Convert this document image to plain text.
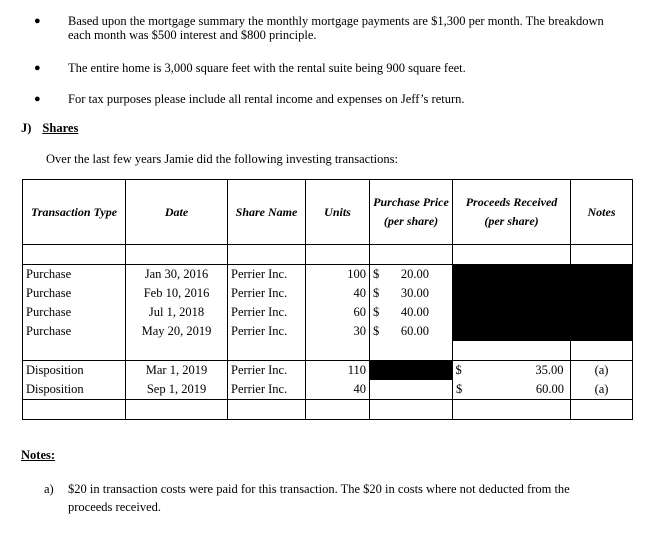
● Based upon the mortgage summary the monthly mortgage payments are $1,300 per month. The breakdown
each month was $500 interest and $800 principle.
● The entire home is 3,000 square feet with the rental suite being 900 square feet.
● For tax purposes please include all rental income and expenses on Jeff’s return.
J) Shares
Over the last few years Jamie did the following investing transactions:
Transaction Type	Date	Share Name	Units	Purchase Price (per share)	Proceeds Received (per share)	Notes

Purchase	Jan 30, 2016	Perrier Inc.	100	$ 20.00		
Purchase	Feb 10, 2016	Perrier Inc.	40	$ 30.00		
Purchase	Jul 1, 2018	Perrier Inc.	60	$ 40.00		
Purchase	May 20, 2019	Perrier Inc.	30	$ 60.00		

Disposition	Mar 1, 2019	Perrier Inc.	110		$ 35.00	(a)
Disposition	Sep 1, 2019	Perrier Inc.	40		$ 60.00	(a)

Notes:
a) $20 in transaction costs were paid for this transaction. The $20 in costs where not deducted from the
proceeds received.
